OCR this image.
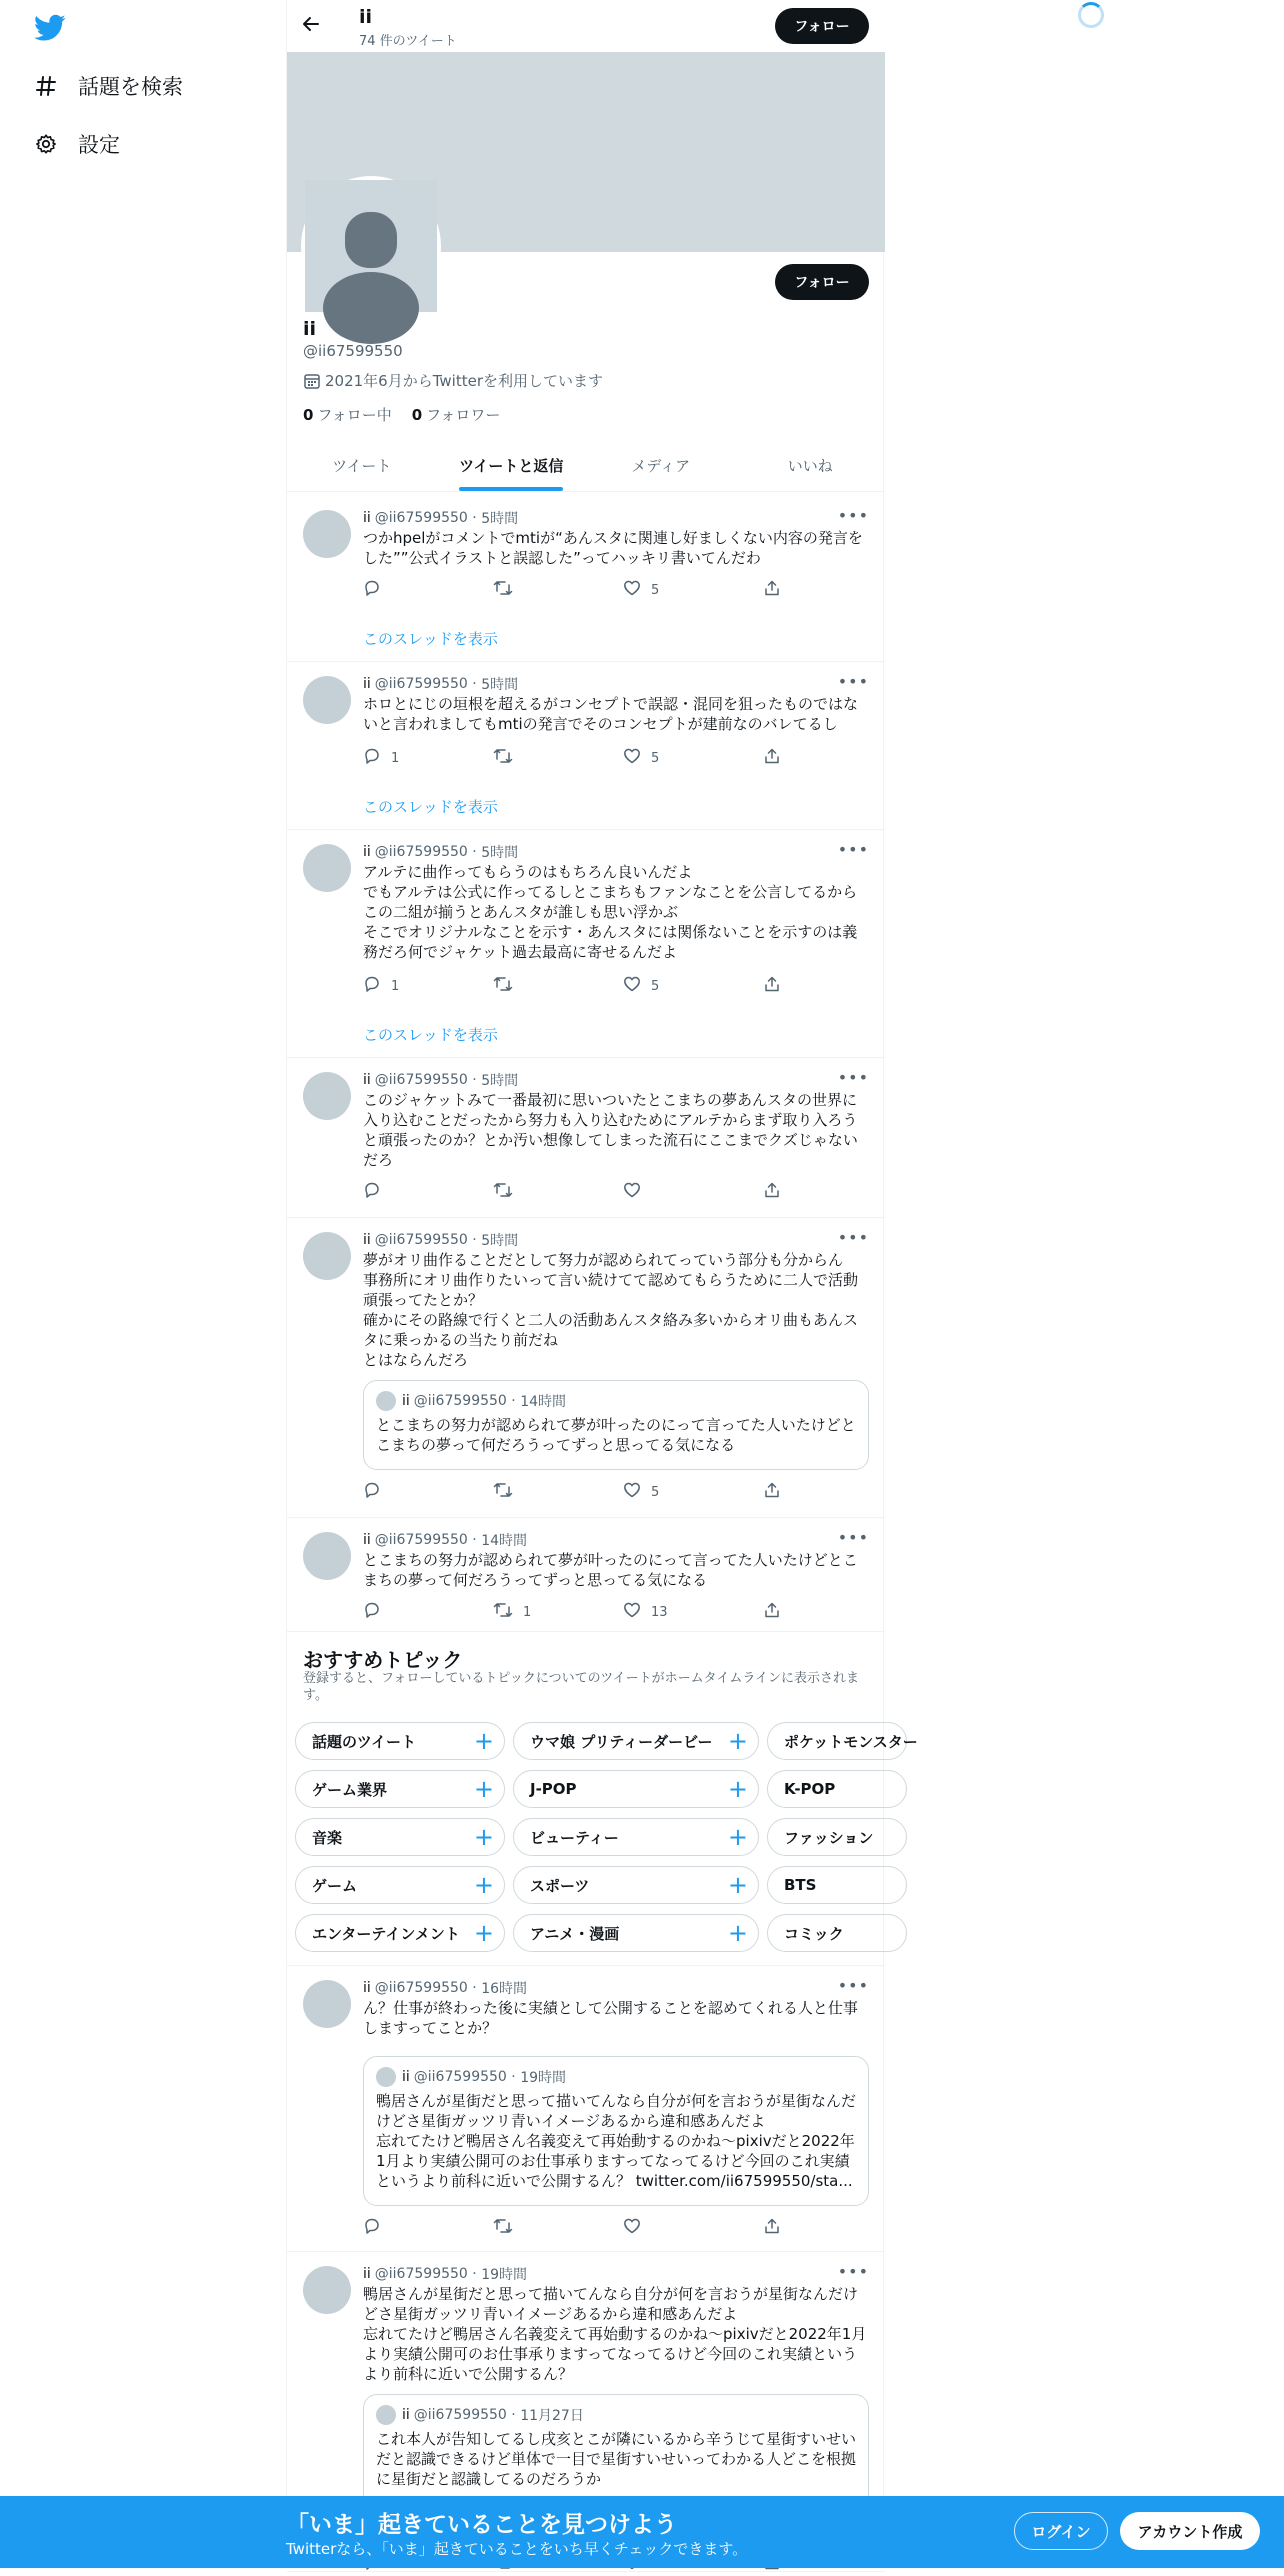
話題を検索
設定
ii
74 件のツイート
フォロー
フォロー
ii
@ii67599550
2021年6月からTwitterを利用しています
0 フォロー中 0 フォロワー
ツイート	ツイートと返信	メディア	いいね
ii @ii67599550 · 5時間	•••
つかhpelがコメントでmtiが“あんスタに関連し好ましくない内容の発言をした””公式イラストと誤認した”ってハッキリ書いてんだわ
5
このスレッドを表示
ii @ii67599550 · 5時間	•••
ホロとにじの垣根を超えるがコンセプトで誤認・混同を狙ったものではないと言われましてもmtiの発言でそのコンセプトが建前なのバレてるし
1	5
このスレッドを表示
ii @ii67599550 · 5時間	•••
アルテに曲作ってもらうのはもちろん良いんだよ
でもアルテは公式に作ってるしとこまちもファンなことを公言してるから この二組が揃うとあんスタが誰しも思い浮かぶ
そこでオリジナルなことを示す・あんスタには関係ないことを示すのは義務だろ何でジャケット過去最高に寄せるんだよ
1	5
このスレッドを表示
ii @ii67599550 · 5時間	•••
このジャケットみて一番最初に思いついたとこまちの夢あんスタの世界に入り込むことだったから努力も入り込むためにアルテからまず取り入ろうと頑張ったのか？とか汚い想像してしまった流石にここまでクズじゃないだろ
ii @ii67599550 · 5時間	•••
夢がオリ曲作ることだとして努力が認められてっていう部分も分からん
事務所にオリ曲作りたいって言い続けてて認めてもらうために二人で活動頑張ってたとか？
確かにその路線で行くと二人の活動あんスタ絡み多いからオリ曲もあんスタに乗っかるの当たり前だね
とはならんだろ
ii @ii67599550 · 14時間
とこまちの努力が認められて夢が叶ったのにって言ってた人いたけどとこまちの夢って何だろうってずっと思ってる気になる
5
ii @ii67599550 · 14時間	•••
とこまちの努力が認められて夢が叶ったのにって言ってた人いたけどとこまちの夢って何だろうってずっと思ってる気になる
1	13
ii @ii67599550 · 16時間	•••
ん？仕事が終わった後に実績として公開することを認めてくれる人と仕事しますってことか？
ii @ii67599550 · 19時間
鴨居さんが星街だと思って描いてんなら自分が何を言おうが星街なんだけどさ星街ガッツリ青いイメージあるから違和感あんだよ
忘れてたけど鴨居さん名義変えて再始動するのかね～pixivだと2022年1月より実績公開可のお仕事承りますってなってるけど今回のこれ実績というより前科に近いで公開するん？ twitter.com/ii67599550/sta...
ii @ii67599550 · 19時間	•••
鴨居さんが星街だと思って描いてんなら自分が何を言おうが星街なんだけどさ星街ガッツリ青いイメージあるから違和感あんだよ
忘れてたけど鴨居さん名義変えて再始動するのかね～pixivだと2022年1月より実績公開可のお仕事承りますってなってるけど今回のこれ実績というより前科に近いで公開するん？
ii @ii67599550 · 11月27日
これ本人が告知してるし戌亥とこが隣にいるから辛うじて星街すいせいだと認識できるけど単体で一目で星街すいせいってわかる人どこを根拠に星街だと認識してるのだろうか
おすすめトピック
登録すると、フォローしているトピックについてのツイートがホームタイムラインに表示されます。
話題のツイート + ウマ娘 プリティーダービー + ポケットモンスター
ゲーム業界	+ J-POP	+ K-POP
音楽	+ ビューティー	+ ファッション
ゲーム	+ スポーツ	+ BTS
エンターテインメント + アニメ・漫画	+ コミック
「いま」起きていることを見つけよう
Twitterなら、「いま」起きていることをいち早くチェックできます。
ログイン	アカウント作成
